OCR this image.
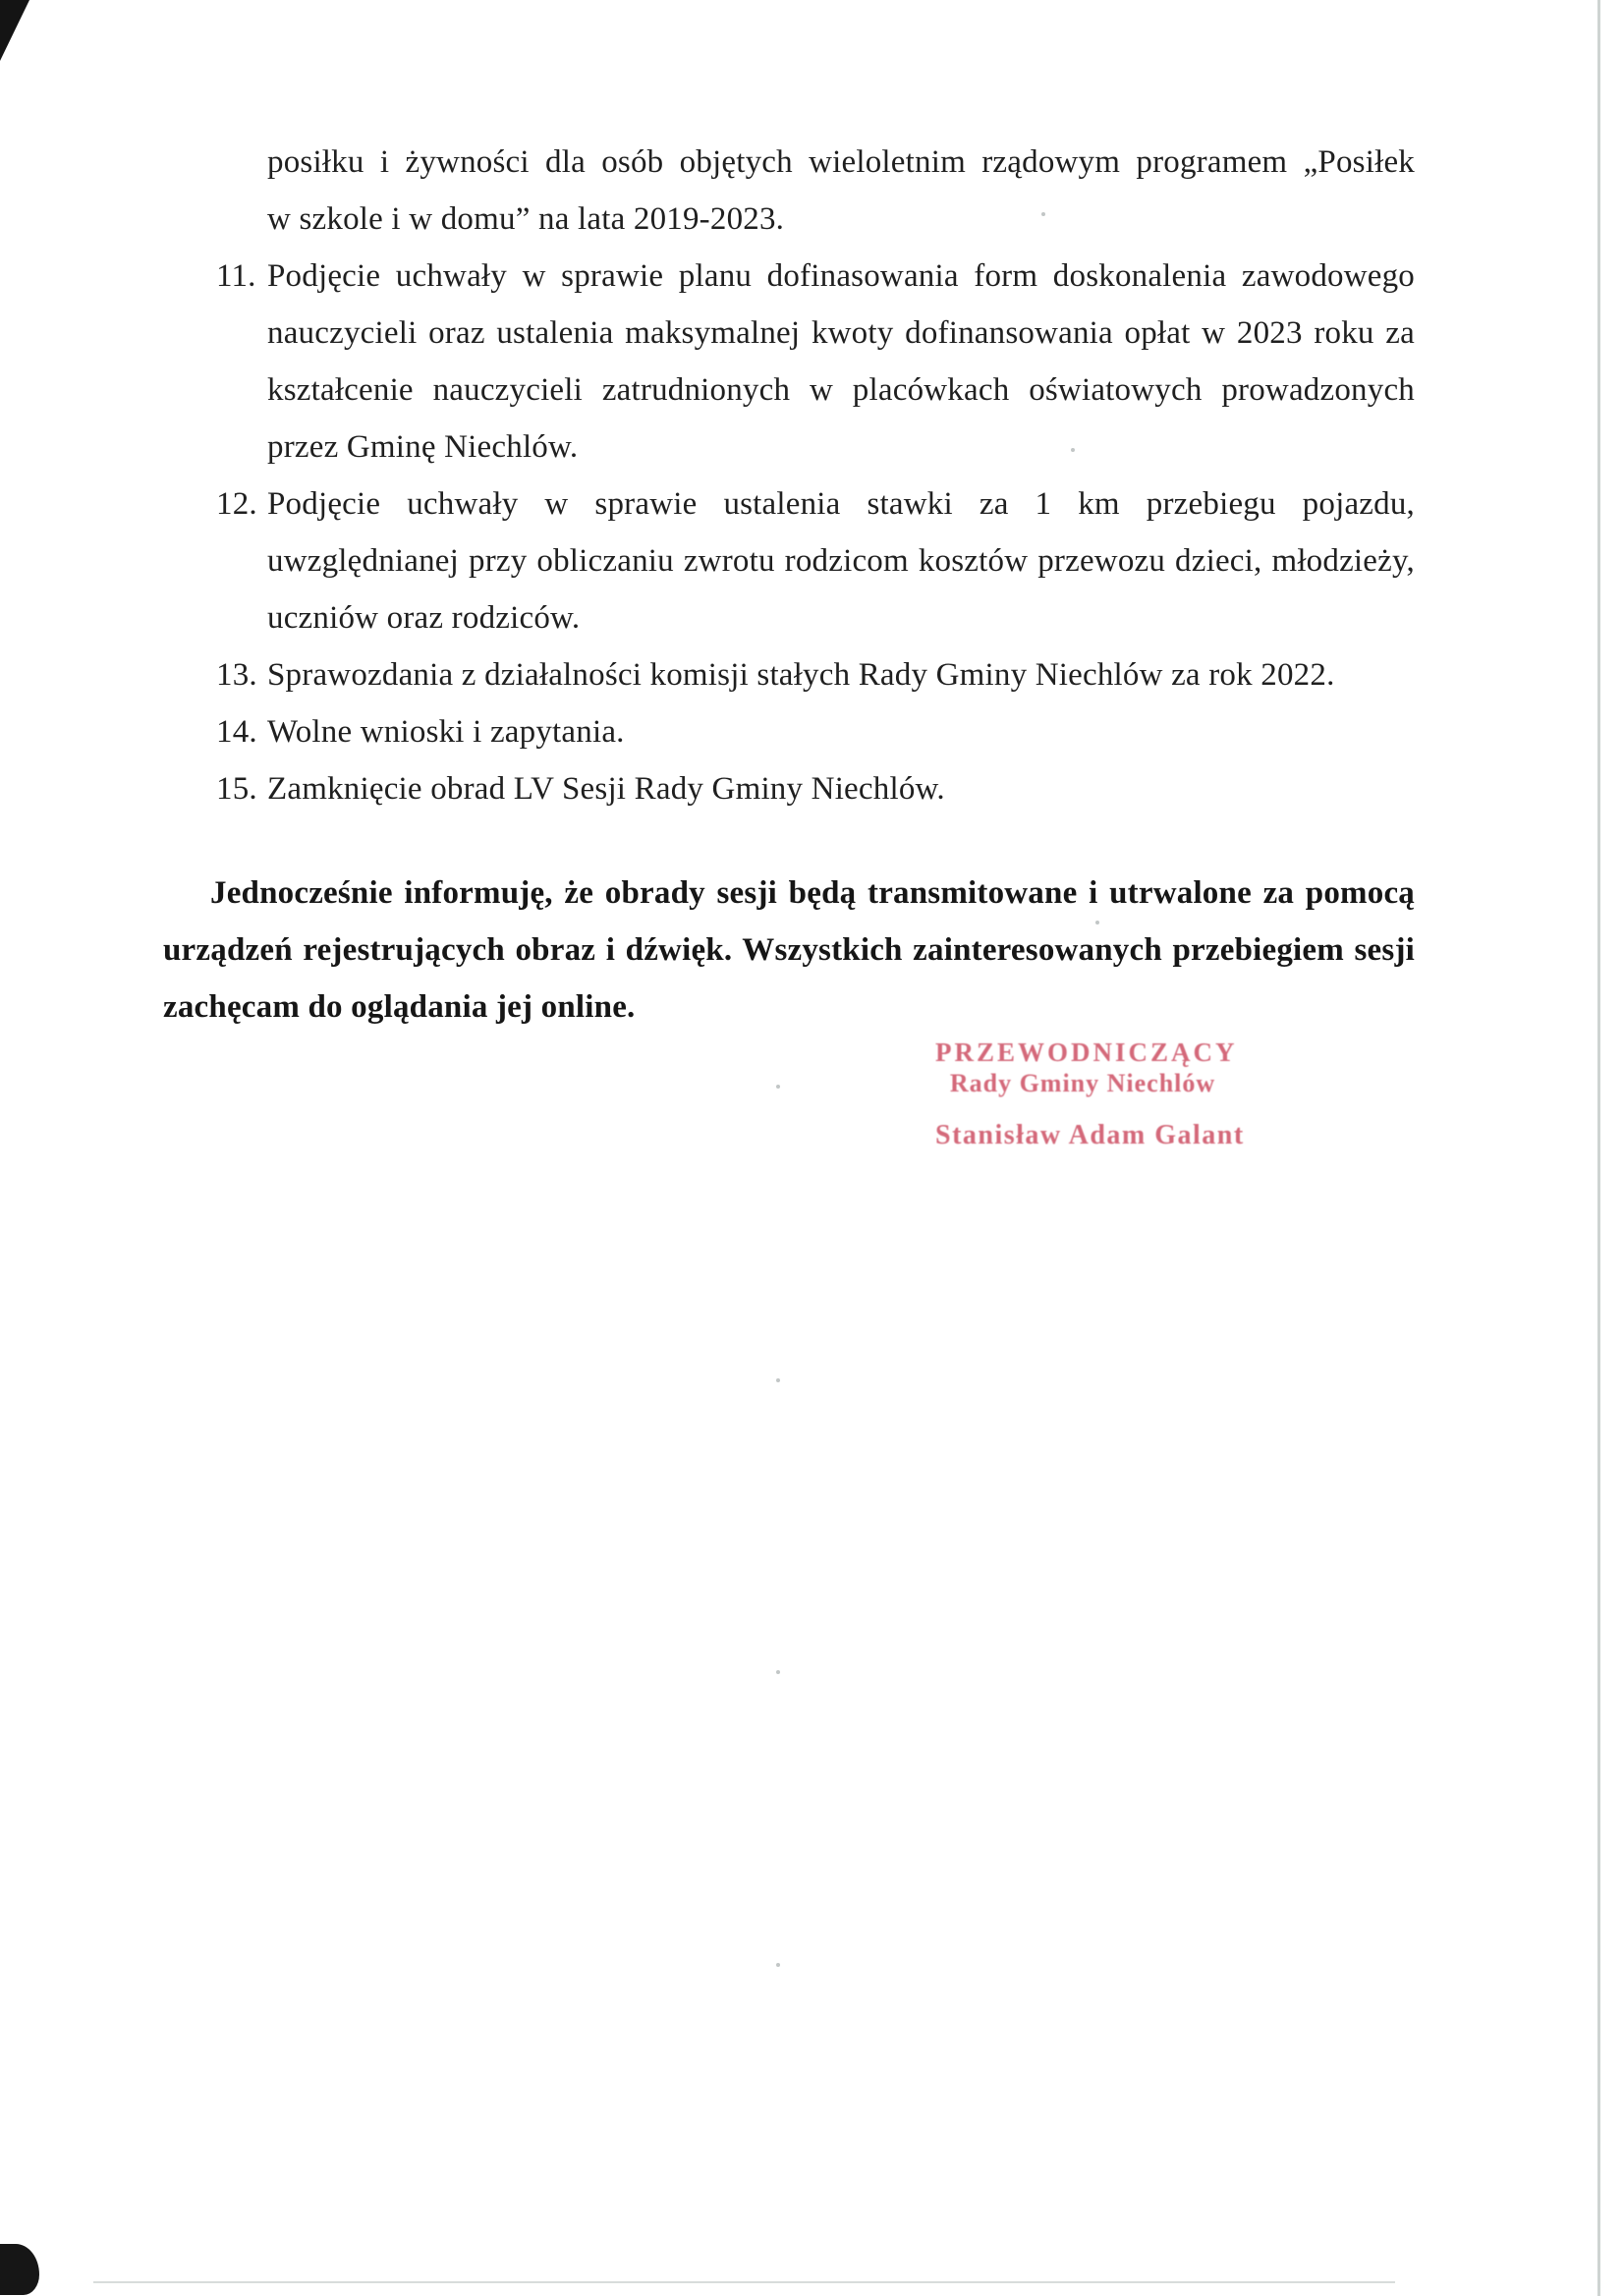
posiłku i żywności dla osób objętych wieloletnim rządowym programem „Posiłek
w szkole i w domu” na lata 2019-2023.
11. Podjęcie uchwały w sprawie planu dofinasowania form doskonalenia zawodowego
nauczycieli oraz ustalenia maksymalnej kwoty dofinansowania opłat w 2023 roku za
kształcenie nauczycieli zatrudnionych w placówkach oświatowych prowadzonych
przez Gminę Niechlów.
12. Podjęcie uchwały w sprawie ustalenia stawki za 1 km przebiegu pojazdu,
uwzględnianej przy obliczaniu zwrotu rodzicom kosztów przewozu dzieci, młodzieży,
uczniów oraz rodziców.
13. Sprawozdania z działalności komisji stałych Rady Gminy Niechlów za rok 2022.
14. Wolne wnioski i zapytania.
15. Zamknięcie obrad LV Sesji Rady Gminy Niechlów.
Jednocześnie informuję, że obrady sesji będą transmitowane i utrwalone za pomocą
urządzeń rejestrujących obraz i dźwięk. Wszystkich zainteresowanych przebiegiem sesji
zachęcam do oglądania jej online.
PRZEWODNICZĄCY
Rady Gminy Niechlów
Stanisław Adam Galant
